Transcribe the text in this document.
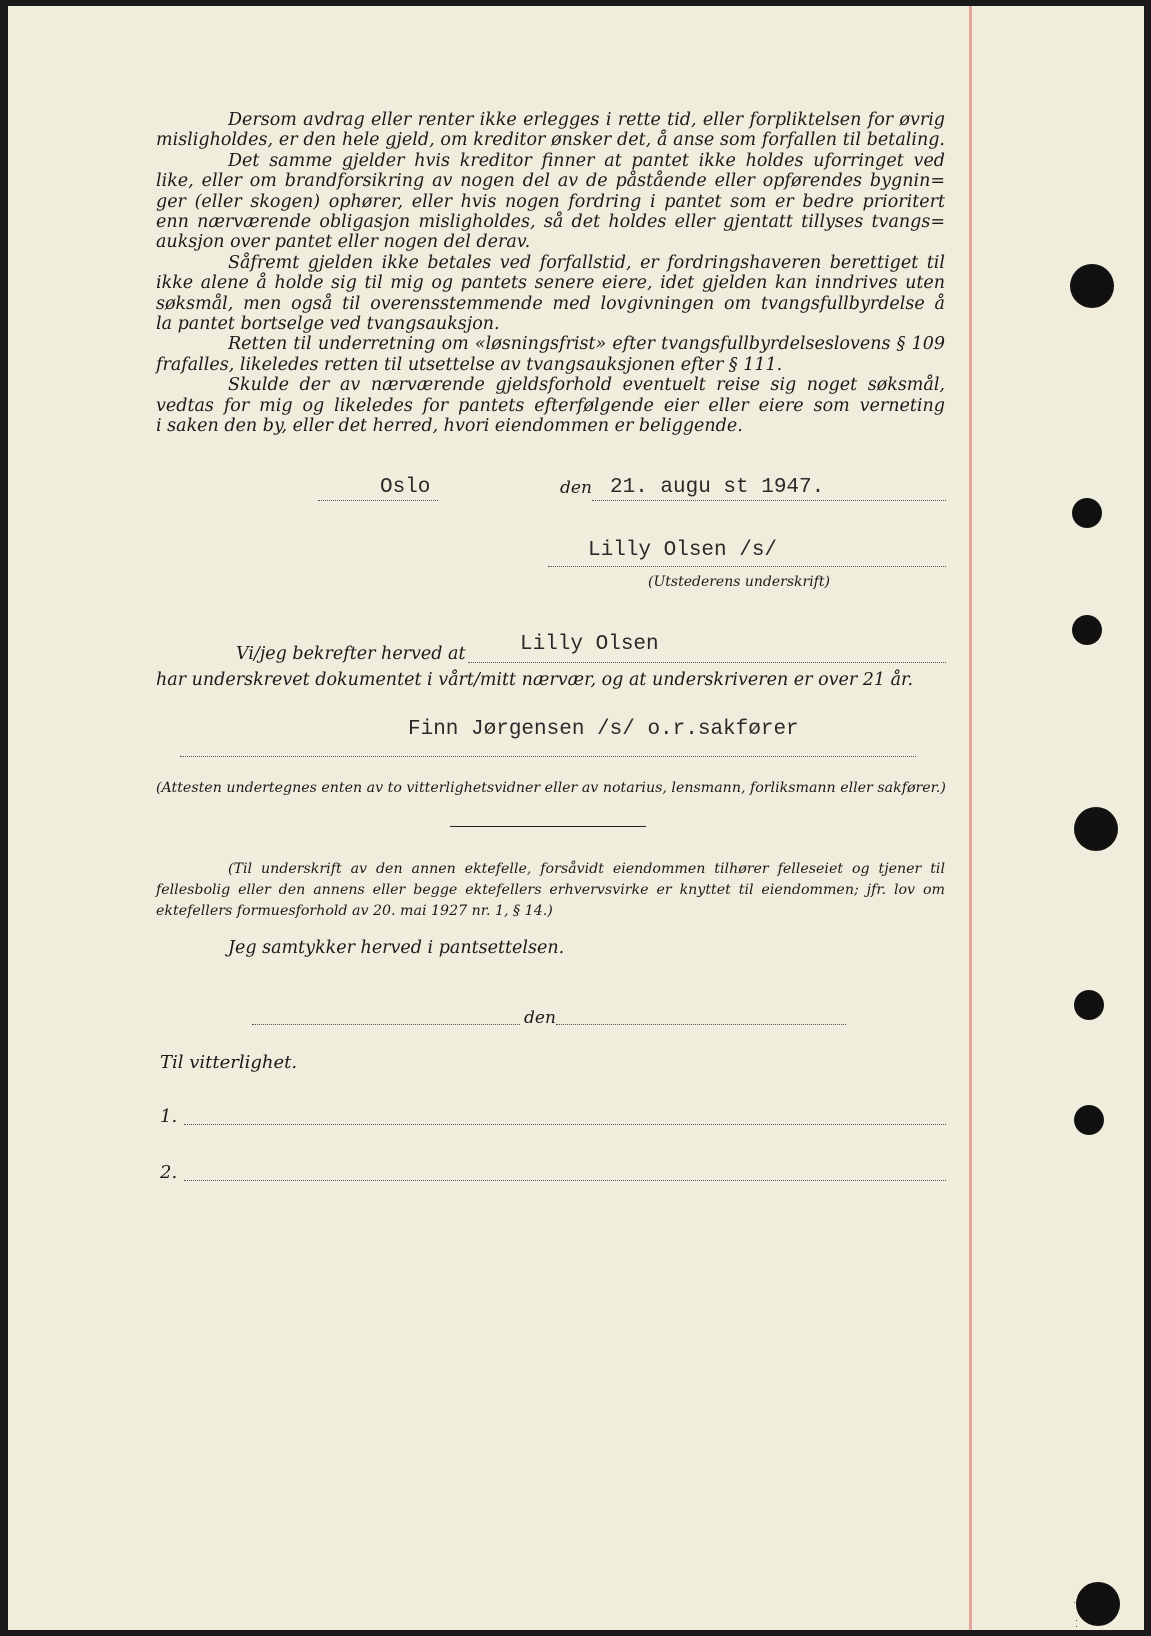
Dersom avdrag eller renter ikke erlegges i rette tid, eller forpliktelsen for øvrig
misligholdes, er den hele gjeld, om kreditor ønsker det, å anse som forfallen til betaling.
Det samme gjelder hvis kreditor finner at pantet ikke holdes uforringet ved
like, eller om brandforsikring av nogen del av de påstående eller opførendes bygnin=
ger (eller skogen) ophører, eller hvis nogen fordring i pantet som er bedre prioritert
enn nærværende obligasjon misligholdes, så det holdes eller gjentatt tillyses tvangs=
auksjon over pantet eller nogen del derav.
Såfremt gjelden ikke betales ved forfallstid, er fordringshaveren berettiget til
ikke alene å holde sig til mig og pantets senere eiere, idet gjelden kan inndrives uten
søksmål, men også til overensstemmende med lovgivningen om tvangsfullbyrdelse å
la pantet bortselge ved tvangsauksjon.
Retten til underretning om «løsningsfrist» efter tvangsfullbyrdelseslovens § 109
frafalles, likeledes retten til utsettelse av tvangsauksjonen efter § 111.
Skulde der av nærværende gjeldsforhold eventuelt reise sig noget søksmål,
vedtas for mig og likeledes for pantets efterfølgende eier eller eiere som verneting
i saken den by, eller det herred, hvori eiendommen er beliggende.
Oslo	den 21. augu st 1947.
Lilly Olsen /s/
(Utstederens underskrift)
Vi/jeg bekrefter herved at	Lilly Olsen
har underskrevet dokumentet i vårt/mitt nærvær, og at underskriveren er over 21 år.
Finn Jørgensen /s/ o.r.sakfører
(Attesten undertegnes enten av to vitterlighetsvidner eller av notarius, lensmann, forliksmann eller sakfører.)
(Til underskrift av den annen ektefelle, forsåvidt eiendommen tilhører felleseiet og tjener til
fellesbolig eller den annens eller begge ektefellers erhvervsvirke er knyttet til eiendommen; jfr. lov om
ektefellers formuesforhold av 20. mai 1927 nr. 1, § 14.)
Jeg samtykker herved i pantsettelsen.
den
Til vitterlighet.
1.
2.
